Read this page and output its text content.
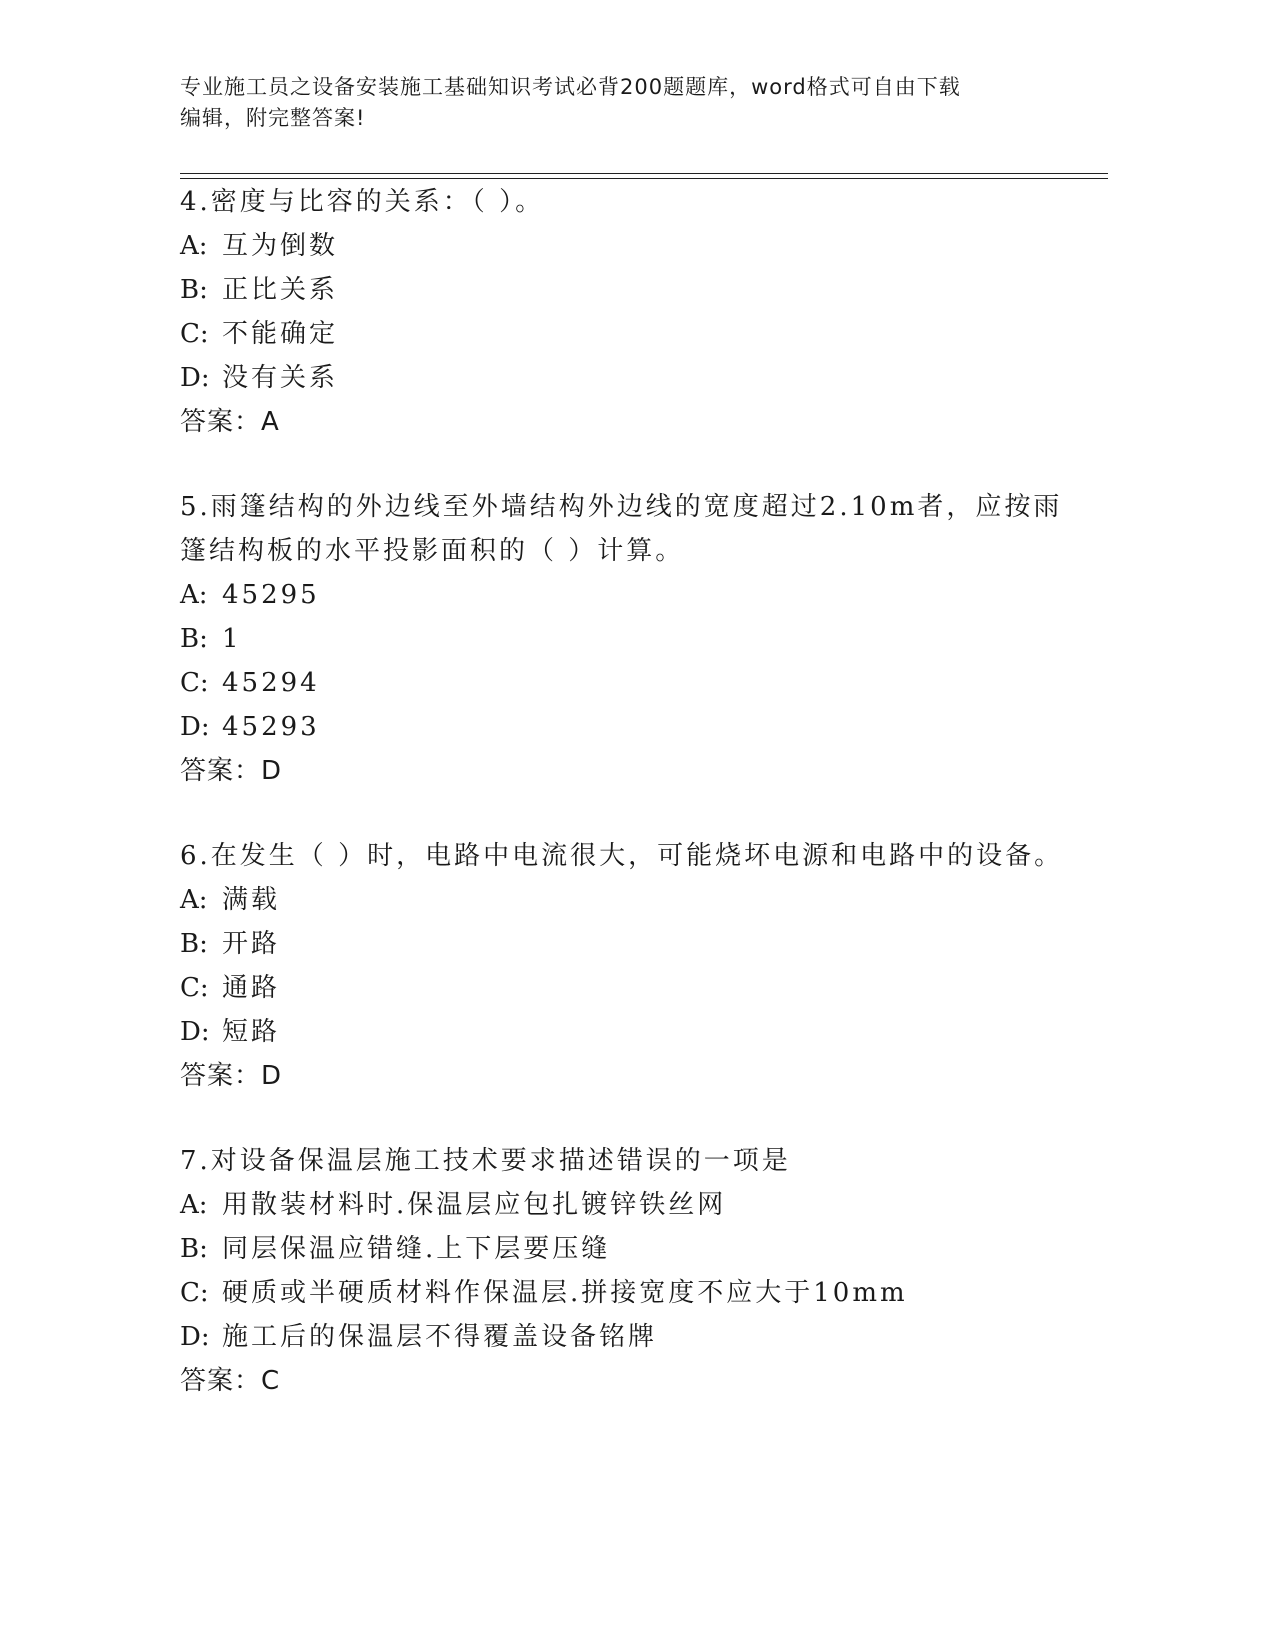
专业施工员之设备安装施工基础知识考试必背200题题库，word格式可自由下载
编辑，附完整答案!
4.密度与比容的关系：（ ）。
A: 互为倒数
B: 正比关系
C: 不能确定
D: 没有关系
答案：A
5.雨篷结构的外边线至外墙结构外边线的宽度超过2.10m者，应按雨
篷结构板的水平投影面积的（ ）计算。
A: 45295
B: 1
C: 45294
D: 45293
答案：D
6.在发生（ ）时，电路中电流很大，可能烧坏电源和电路中的设备。
A: 满载
B: 开路
C: 通路
D: 短路
答案：D
7.对设备保温层施工技术要求描述错误的一项是
A: 用散装材料时.保温层应包扎镀锌铁丝网
B: 同层保温应错缝.上下层要压缝
C: 硬质或半硬质材料作保温层.拼接宽度不应大于10mm
D: 施工后的保温层不得覆盖设备铭牌
答案：C
